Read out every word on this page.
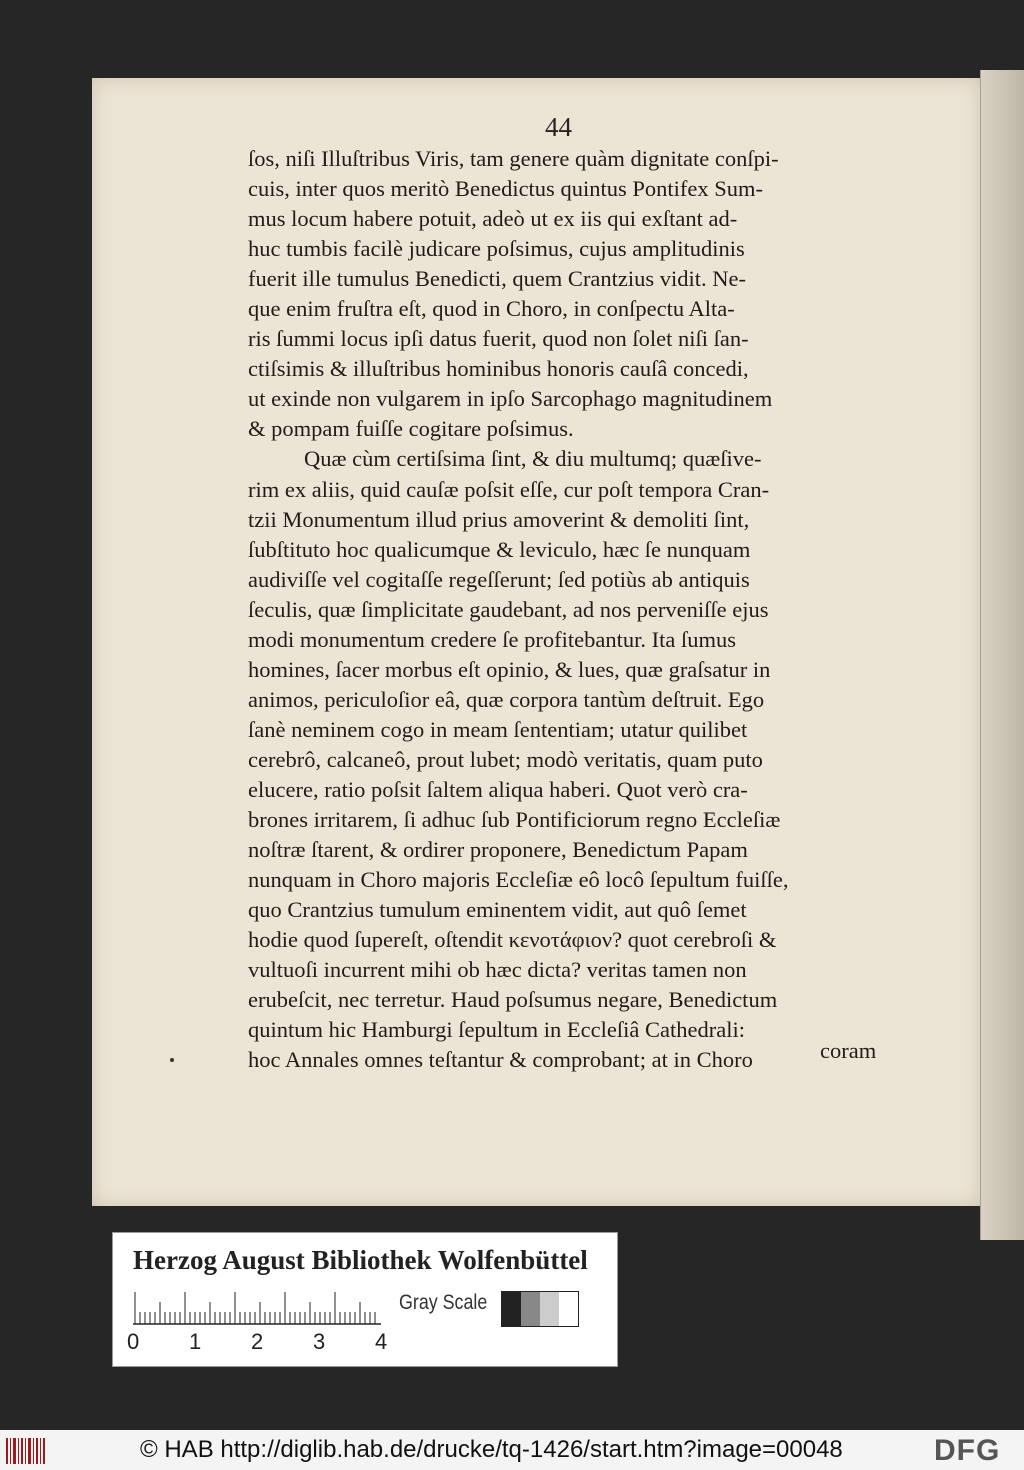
44
ſos, niſi Illuſtribus Viris, tam genere quàm dignitate conſpi-
cuis, inter quos meritò Benedictus quintus Pontifex Sum-
mus locum habere potuit, adeò ut ex iis qui exſtant ad-
huc tumbis facilè judicare poſsimus, cujus amplitudinis
fuerit ille tumulus Benedicti, quem Crantzius vidit. Ne-
que enim fruſtra eſt, quod in Choro, in conſpectu Alta-
ris ſummi locus ipſi datus fuerit, quod non ſolet niſi ſan-
ctiſsimis & illuſtribus hominibus honoris cauſâ concedi,
ut exinde non vulgarem in ipſo Sarcophago magnitudinem
& pompam fuiſſe cogitare poſsimus.
Quæ cùm certiſsima ſint, & diu multumq; quæſive-
rim ex aliis, quid cauſæ poſsit eſſe, cur poſt tempora Cran-
tzii Monumentum illud prius amoverint & demoliti ſint,
ſubſtituto hoc qualicumque & leviculo, hæc ſe nunquam
audiviſſe vel cogitaſſe regeſſerunt; ſed potiùs ab antiquis
ſeculis, quæ ſimplicitate gaudebant, ad nos perveniſſe ejus
modi monumentum credere ſe profitebantur. Ita ſumus
homines, ſacer morbus eſt opinio, & lues, quæ graſsatur in
animos, periculoſior eâ, quæ corpora tantùm deſtruit. Ego
ſanè neminem cogo in meam ſententiam; utatur quilibet
cerebrô, calcaneô, prout lubet; modò veritatis, quam puto
elucere, ratio poſsit ſaltem aliqua haberi. Quot verò cra-
brones irritarem, ſi adhuc ſub Pontificiorum regno Eccleſiæ
noſtræ ſtarent, & ordirer proponere, Benedictum Papam
nunquam in Choro majoris Eccleſiæ eô locô ſepultum fuiſſe,
quo Crantzius tumulum eminentem vidit, aut quô ſemet
hodie quod ſupereſt, oſtendit κενοτάφιον? quot cerebroſi &
vultuoſi incurrent mihi ob hæc dicta? veritas tamen non
erubeſcit, nec terretur. Haud poſsumus negare, Benedictum
quintum hic Hamburgi ſepultum in Eccleſiâ Cathedrali:
hoc Annales omnes teſtantur & comprobant; at in Choro	coram
Herzog August Bibliothek Wolfenbüttel
0 1 2 3 4
Gray Scale
© HAB http://diglib.hab.de/drucke/tq-1426/start.htm?image=00048	DFG
